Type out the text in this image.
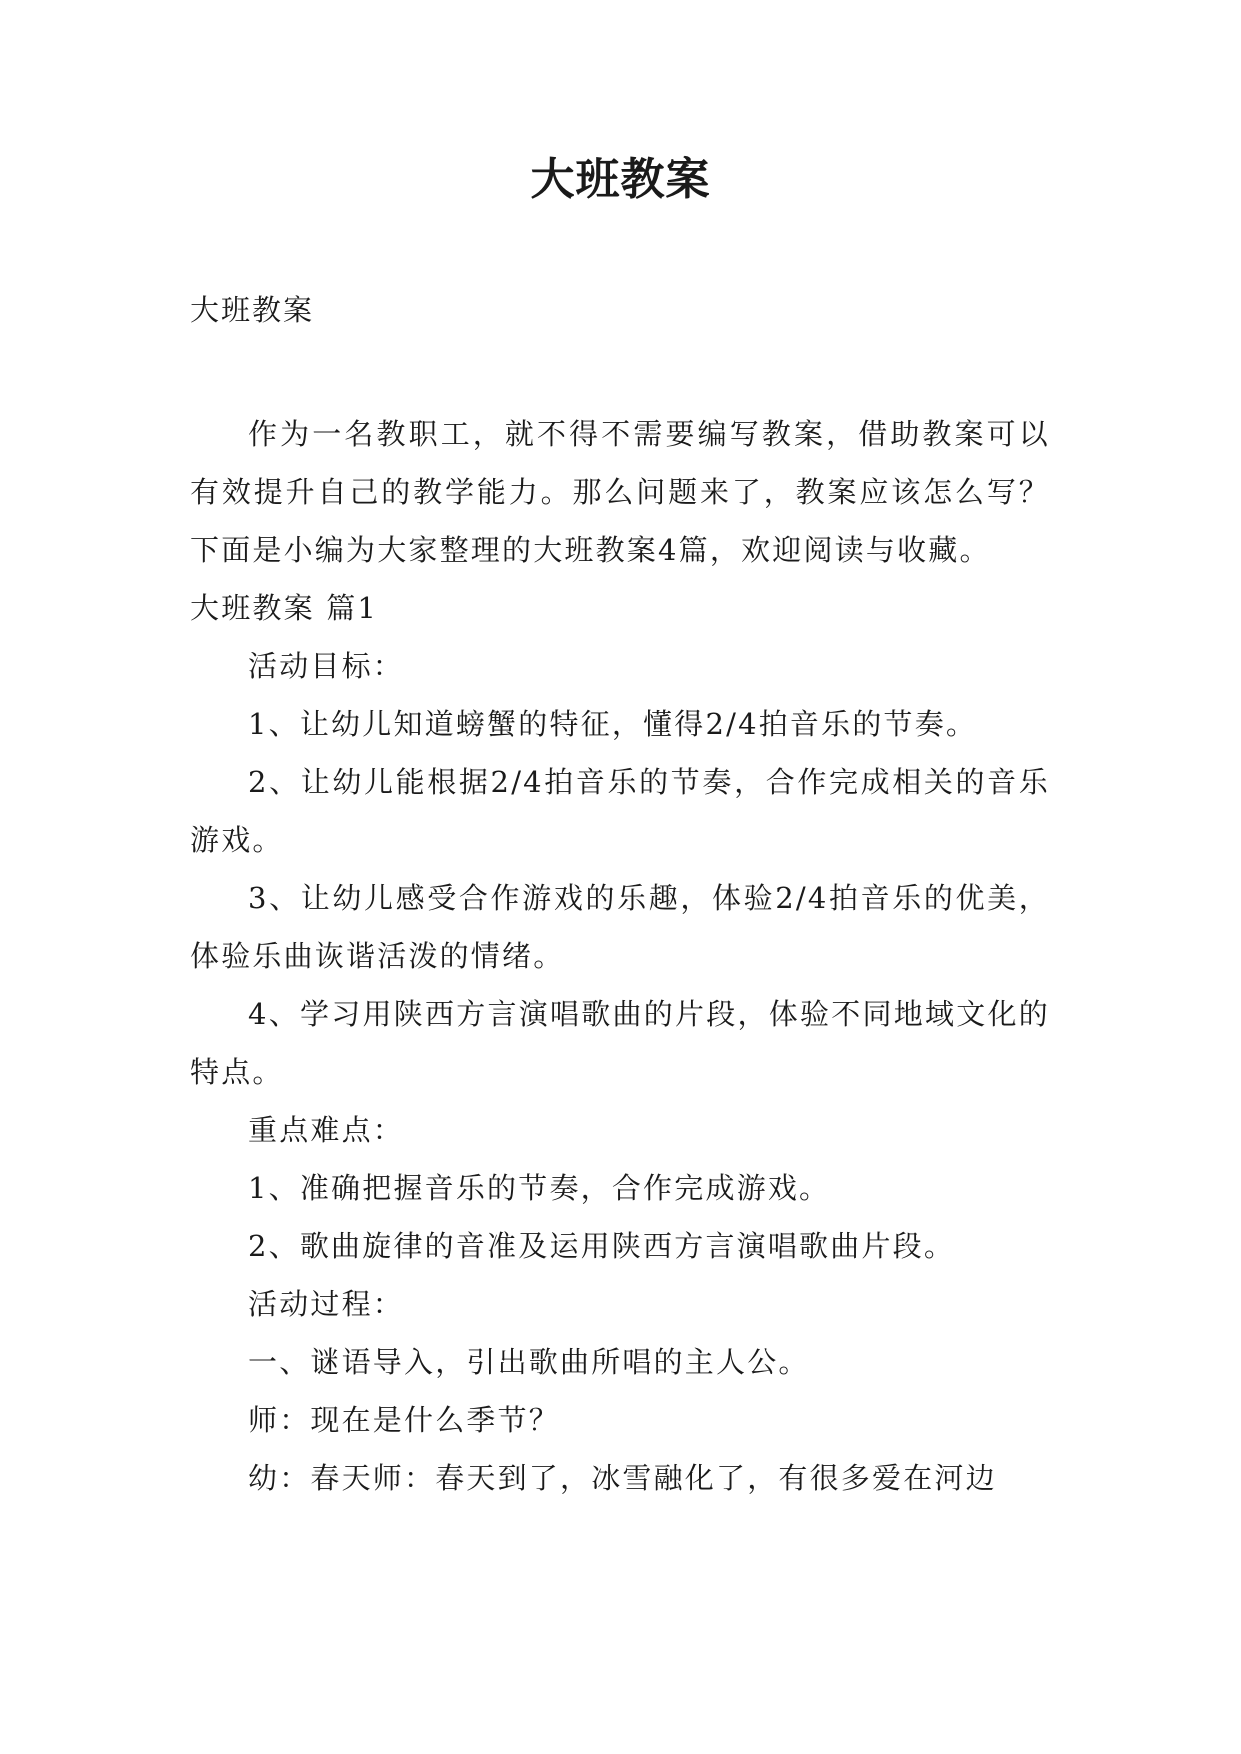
大班教案
大班教案

作为一名教职工，就不得不需要编写教案，借助教案可以有效提升自己的教学能力。那么问题来了，教案应该怎么写？下面是小编为大家整理的大班教案4篇，欢迎阅读与收藏。

大班教案 篇1

活动目标：

1、让幼儿知道螃蟹的特征，懂得2/4拍音乐的节奏。

2、让幼儿能根据2/4拍音乐的节奏，合作完成相关的音乐游戏。

3、让幼儿感受合作游戏的乐趣，体验2/4拍音乐的优美，体验乐曲诙谐活泼的情绪。

4、学习用陕西方言演唱歌曲的片段，体验不同地域文化的特点。

重点难点：

1、准确把握音乐的节奏，合作完成游戏。

2、歌曲旋律的音准及运用陕西方言演唱歌曲片段。

活动过程：

一、谜语导入，引出歌曲所唱的主人公。

师：现在是什么季节？

幼：春天师：春天到了，冰雪融化了，有很多爱在河边
